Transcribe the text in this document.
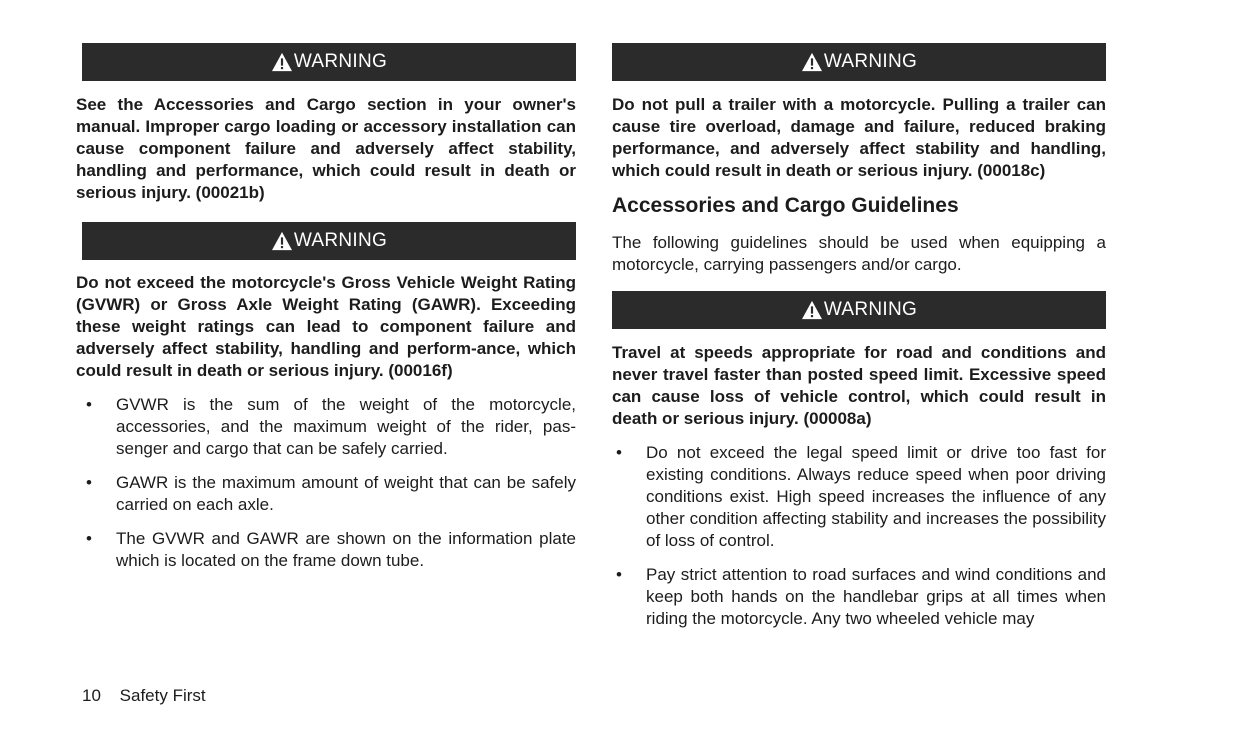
WARNING

See the Accessories and Cargo section in your owner's manual. Improper cargo loading or accessory installation can cause component failure and adversely affect stability, handling and performance, which could result in death or serious injury. (00021b)

WARNING

Do not exceed the motorcycle's Gross Vehicle Weight Rating (GVWR) or Gross Axle Weight Rating (GAWR). Exceeding these weight ratings can lead to component failure and adversely affect stability, handling and perform-ance, which could result in death or serious injury. (00016f)

• GVWR is the sum of the weight of the motorcycle, accessories, and the maximum weight of the rider, pas-senger and cargo that can be safely carried.
• GAWR is the maximum amount of weight that can be safely carried on each axle.
• The GVWR and GAWR are shown on the information plate which is located on the frame down tube.
WARNING

Do not pull a trailer with a motorcycle. Pulling a trailer can cause tire overload, damage and failure, reduced braking performance, and adversely affect stability and handling, which could result in death or serious injury. (00018c)

Accessories and Cargo Guidelines

The following guidelines should be used when equipping a motorcycle, carrying passengers and/or cargo.

WARNING

Travel at speeds appropriate for road and conditions and never travel faster than posted speed limit. Excessive speed can cause loss of vehicle control, which could result in death or serious injury. (00008a)

• Do not exceed the legal speed limit or drive too fast for existing conditions. Always reduce speed when poor driving conditions exist. High speed increases the influence of any other condition affecting stability and increases the possibility of loss of control.
• Pay strict attention to road surfaces and wind conditions and keep both hands on the handlebar grips at all times when riding the motorcycle. Any two wheeled vehicle may
10 Safety First
